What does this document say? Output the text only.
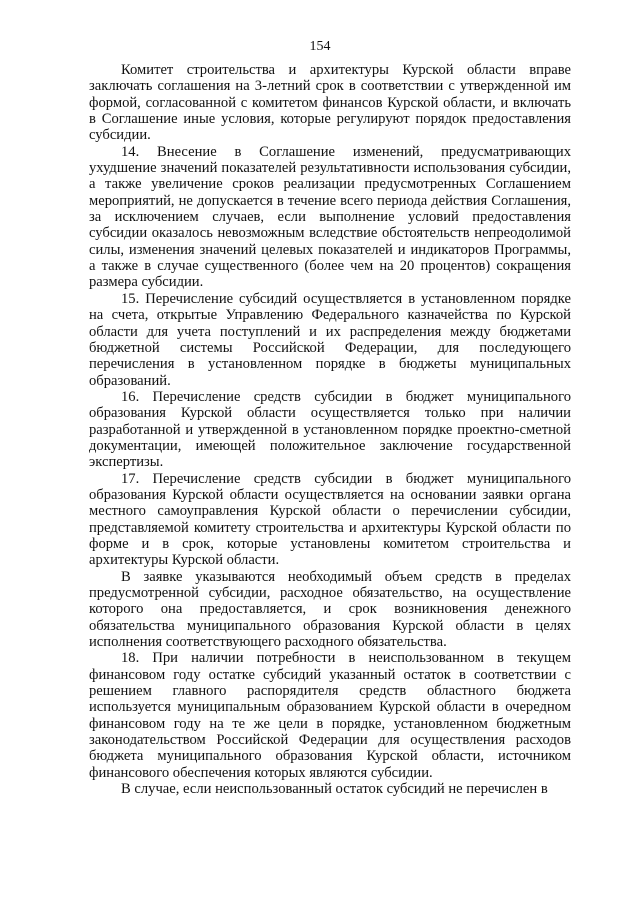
154

Комитет строительства и архитектуры Курской области вправе заключать соглашения на 3-летний срок в соответствии с утвержденной им формой, согласованной с комитетом финансов Курской области, и включать в Соглашение иные условия, которые регулируют порядок предоставления субсидии.

14. Внесение в Соглашение изменений, предусматривающих ухудшение значений показателей результативности использования субсидии, а также увеличение сроков реализации предусмотренных Соглашением мероприятий, не допускается в течение всего периода действия Соглашения, за исключением случаев, если выполнение условий предоставления субсидии оказалось невозможным вследствие обстоятельств непреодолимой силы, изменения значений целевых показателей и индикаторов Программы, а также в случае существенного (более чем на 20 процентов) сокращения размера субсидии.

15. Перечисление субсидий осуществляется в установленном порядке на счета, открытые Управлению Федерального казначейства по Курской области для учета поступлений и их распределения между бюджетами бюджетной системы Российской Федерации, для последующего перечисления в установленном порядке в бюджеты муниципальных образований.

16. Перечисление средств субсидии в бюджет муниципального образования Курской области осуществляется только при наличии разработанной и утвержденной в установленном порядке проектно-сметной документации, имеющей положительное заключение государственной экспертизы.

17. Перечисление средств субсидии в бюджет муниципального образования Курской области осуществляется на основании заявки органа местного самоуправления Курской области о перечислении субсидии, представляемой комитету строительства и архитектуры Курской области по форме и в срок, которые установлены комитетом строительства и архитектуры Курской области.

В заявке указываются необходимый объем средств в пределах предусмотренной субсидии, расходное обязательство, на осуществление которого она предоставляется, и срок возникновения денежного обязательства муниципального образования Курской области в целях исполнения соответствующего расходного обязательства.

18. При наличии потребности в неиспользованном в текущем финансовом году остатке субсидий указанный остаток в соответствии с решением главного распорядителя средств областного бюджета используется муниципальным образованием Курской области в очередном финансовом году на те же цели в порядке, установленном бюджетным законодательством Российской Федерации для осуществления расходов бюджета муниципального образования Курской области, источником финансового обеспечения которых являются субсидии.

В случае, если неиспользованный остаток субсидий не перечислен в
